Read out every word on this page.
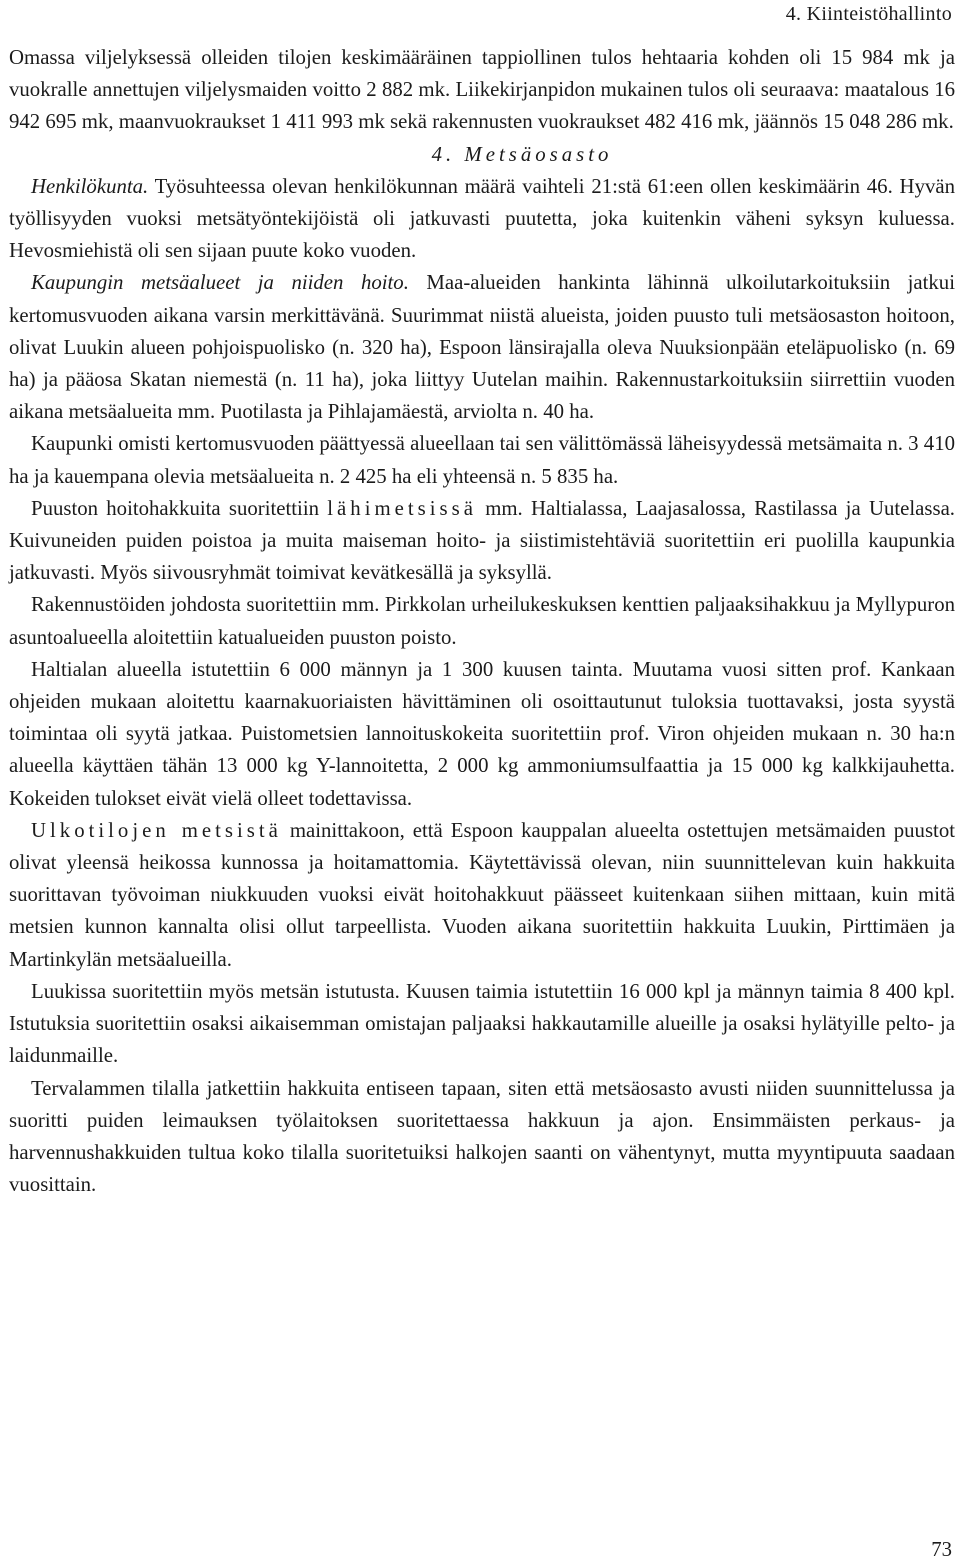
4. Kiinteistöhallinto

Omassa viljelyksessä olleiden tilojen keskimääräinen tappiollinen tulos hehtaaria kohden oli 15 984 mk ja vuokralle annettujen viljelysmaiden voitto 2 882 mk. Liikekirjanpidon mukainen tulos oli seuraava: maatalous 16 942 695 mk, maanvuokraukset 1 411 993 mk sekä rakennusten vuokraukset 482 416 mk, jäännös 15 048 286 mk.

4. Metsäosasto

Henkilökunta. Työsuhteessa olevan henkilökunnan määrä vaihteli 21:stä 61:een ollen keskimäärin 46. Hyvän työllisyyden vuoksi metsätyöntekijöistä oli jatkuvasti puutetta, joka kuitenkin väheni syksyn kuluessa. Hevosmiehistä oli sen sijaan puute koko vuoden.

Kaupungin metsäalueet ja niiden hoito. Maa-alueiden hankinta lähinnä ulkoilutarkoituksiin jatkui kertomusvuoden aikana varsin merkittävänä. Suurimmat niistä alueista, joiden puusto tuli metsäosaston hoitoon, olivat Luukin alueen pohjoispuolisko (n. 320 ha), Espoon länsirajalla oleva Nuuksionpään eteläpuolisko (n. 69 ha) ja pääosa Skatan niemestä (n. 11 ha), joka liittyy Uutelan maihin. Rakennustarkoituksiin siirrettiin vuoden aikana metsäalueita mm. Puotilasta ja Pihlajamäestä, arviolta n. 40 ha.

Kaupunki omisti kertomusvuoden päättyessä alueellaan tai sen välittömässä läheisyydessä metsämaita n. 3 410 ha ja kauempana olevia metsäalueita n. 2 425 ha eli yhteensä n. 5 835 ha.

Puuston hoitohakkuita suoritettiin lähimetsissä mm. Haltialassa, Laajasalossa, Rastilassa ja Uutelassa. Kuivuneiden puiden poistoa ja muita maiseman hoito- ja siistimistehtäviä suoritettiin eri puolilla kaupunkia jatkuvasti. Myös siivousryhmät toimivat kevätkesällä ja syksyllä.

Rakennustöiden johdosta suoritettiin mm. Pirkkolan urheilukeskuksen kenttien paljaaksihakkuu ja Myllypuron asuntoalueella aloitettiin katualueiden puuston poisto.

Haltialan alueella istutettiin 6 000 männyn ja 1 300 kuusen tainta. Muutama vuosi sitten prof. Kankaan ohjeiden mukaan aloitettu kaarnakuoriaisten hävittäminen oli osoittautunut tuloksia tuottavaksi, josta syystä toimintaa oli syytä jatkaa. Puistometsien lannoituskokeita suoritettiin prof. Viron ohjeiden mukaan n. 30 ha:n alueella käyttäen tähän 13 000 kg Y-lannoitetta, 2 000 kg ammoniumsulfaattia ja 15 000 kg kalkkijauhetta. Kokeiden tulokset eivät vielä olleet todettavissa.

Ulkotilojen metsistä mainittakoon, että Espoon kauppalan alueelta ostettujen metsämaiden puustot olivat yleensä heikossa kunnossa ja hoitamattomia. Käytettävissä olevan, niin suunnittelevan kuin hakkuita suorittavan työvoiman niukkuuden vuoksi eivät hoitohakkuut päässeet kuitenkaan siihen mittaan, kuin mitä metsien kunnon kannalta olisi ollut tarpeellista. Vuoden aikana suoritettiin hakkuita Luukin, Pirttimäen ja Martinkylän metsäalueilla.

Luukissa suoritettiin myös metsän istutusta. Kuusen taimia istutettiin 16 000 kpl ja männyn taimia 8 400 kpl. Istutuksia suoritettiin osaksi aikaisemman omistajan paljaaksi hakkautamille alueille ja osaksi hylätyille pelto- ja laidunmaille.

Tervalammen tilalla jatkettiin hakkuita entiseen tapaan, siten että metsäosasto avusti niiden suunnittelussa ja suoritti puiden leimauksen työlaitoksen suoritettaessa hakkuun ja ajon. Ensimmäisten perkaus- ja harvennushakkuiden tultua koko tilalla suoritetuiksi halkojen saanti on vähentynyt, mutta myyntipuuta saadaan vuosittain.

73
